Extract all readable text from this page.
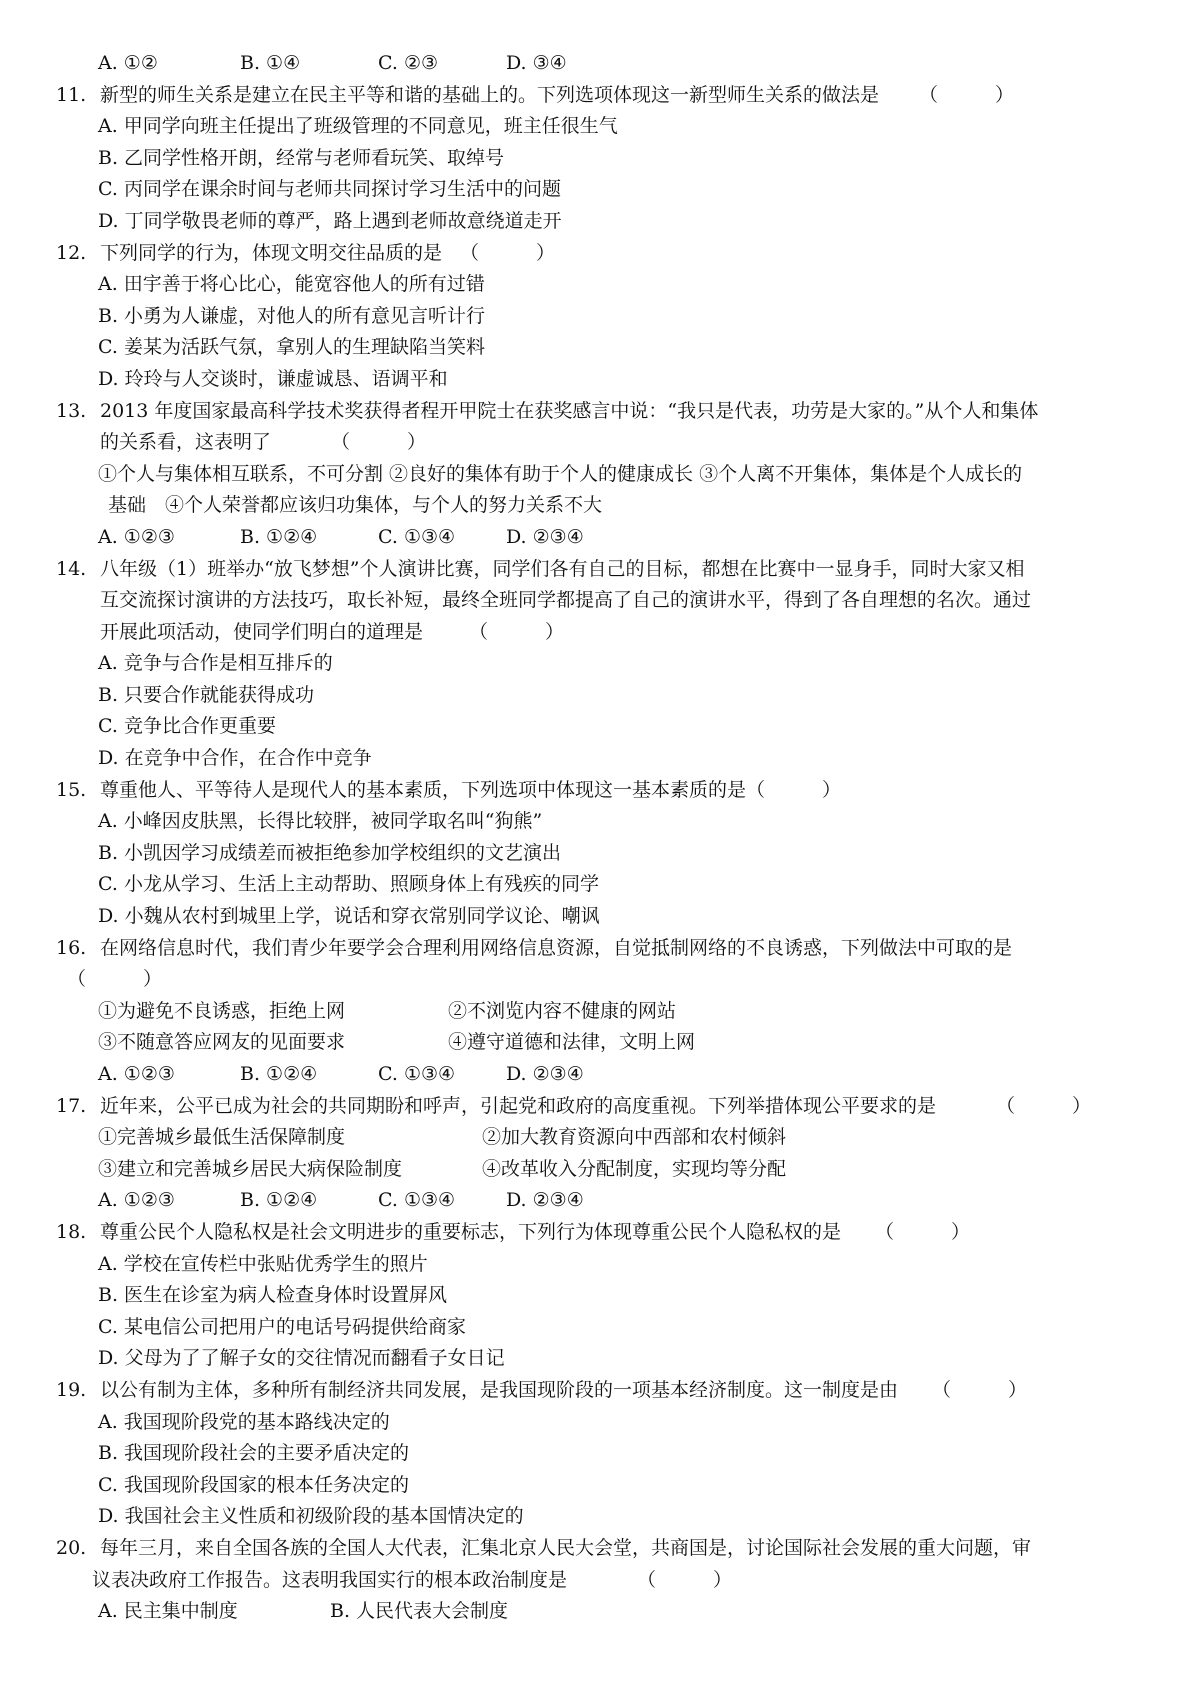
A. ①②	B. ①④	C. ②③	D. ③④
11. 新型的师生关系是建立在民主平等和谐的基础上的。下列选项体现这一新型师生关系的做法是 （　　　）
A. 甲同学向班主任提出了班级管理的不同意见，班主任很生气
B. 乙同学性格开朗，经常与老师看玩笑、取绰号
C. 丙同学在课余时间与老师共同探讨学习生活中的问题
D. 丁同学敬畏老师的尊严，路上遇到老师故意绕道走开
12. 下列同学的行为，体现文明交往品质的是 （　　　）
A. 田宇善于将心比心，能宽容他人的所有过错
B. 小勇为人谦虚，对他人的所有意见言听计行
C. 姜某为活跃气氛，拿别人的生理缺陷当笑料
D. 玲玲与人交谈时，谦虚诚恳、语调平和
13. 2013 年度国家最高科学技术奖获得者程开甲院士在获奖感言中说：“我只是代表，功劳是大家的。”从个人和集体
的关系看，这表明了	（　　　）
①个人与集体相互联系，不可分割 ②良好的集体有助于个人的健康成长 ③个人离不开集体，集体是个人成长的
基础　④个人荣誉都应该归功集体，与个人的努力关系不大
A. ①②③	B. ①②④	C. ①③④	D. ②③④
14. 八年级（1）班举办“放飞梦想”个人演讲比赛，同学们各有自己的目标，都想在比赛中一显身手，同时大家又相
互交流探讨演讲的方法技巧，取长补短，最终全班同学都提高了自己的演讲水平，得到了各自理想的名次。通过
开展此项活动，使同学们明白的道理是 （　　　）
A. 竞争与合作是相互排斥的
B. 只要合作就能获得成功
C. 竞争比合作更重要
D. 在竞争中合作，在合作中竞争
15. 尊重他人、平等待人是现代人的基本素质，下列选项中体现这一基本素质的是（　　　）
A. 小峰因皮肤黑，长得比较胖，被同学取名叫“狗熊”
B. 小凯因学习成绩差而被拒绝参加学校组织的文艺演出
C. 小龙从学习、生活上主动帮助、照顾身体上有残疾的同学
D. 小魏从农村到城里上学，说话和穿衣常别同学议论、嘲讽
16. 在网络信息时代，我们青少年要学会合理利用网络信息资源，自觉抵制网络的不良诱惑，下列做法中可取的是
（　　　）
①为避免不良诱惑，拒绝上网	②不浏览内容不健康的网站
③不随意答应网友的见面要求	④遵守道德和法律，文明上网
A. ①②③	B. ①②④	C. ①③④	D. ②③④
17. 近年来，公平已成为社会的共同期盼和呼声，引起党和政府的高度重视。下列举措体现公平要求的是	（　　　）
①完善城乡最低生活保障制度	②加大教育资源向中西部和农村倾斜
③建立和完善城乡居民大病保险制度	④改革收入分配制度，实现均等分配
A. ①②③	B. ①②④	C. ①③④	D. ②③④
18. 尊重公民个人隐私权是社会文明进步的重要标志，下列行为体现尊重公民个人隐私权的是 （　　　）
A. 学校在宣传栏中张贴优秀学生的照片
B. 医生在诊室为病人检查身体时设置屏风
C. 某电信公司把用户的电话号码提供给商家
D. 父母为了了解子女的交往情况而翻看子女日记
19. 以公有制为主体，多种所有制经济共同发展，是我国现阶段的一项基本经济制度。这一制度是由 （　　　）
A. 我国现阶段党的基本路线决定的
B. 我国现阶段社会的主要矛盾决定的
C. 我国现阶段国家的根本任务决定的
D. 我国社会主义性质和初级阶段的基本国情决定的
20. 每年三月，来自全国各族的全国人大代表，汇集北京人民大会堂，共商国是，讨论国际社会发展的重大问题，审
议表决政府工作报告。这表明我国实行的根本政治制度是	（　　　）
A. 民主集中制度	B. 人民代表大会制度
